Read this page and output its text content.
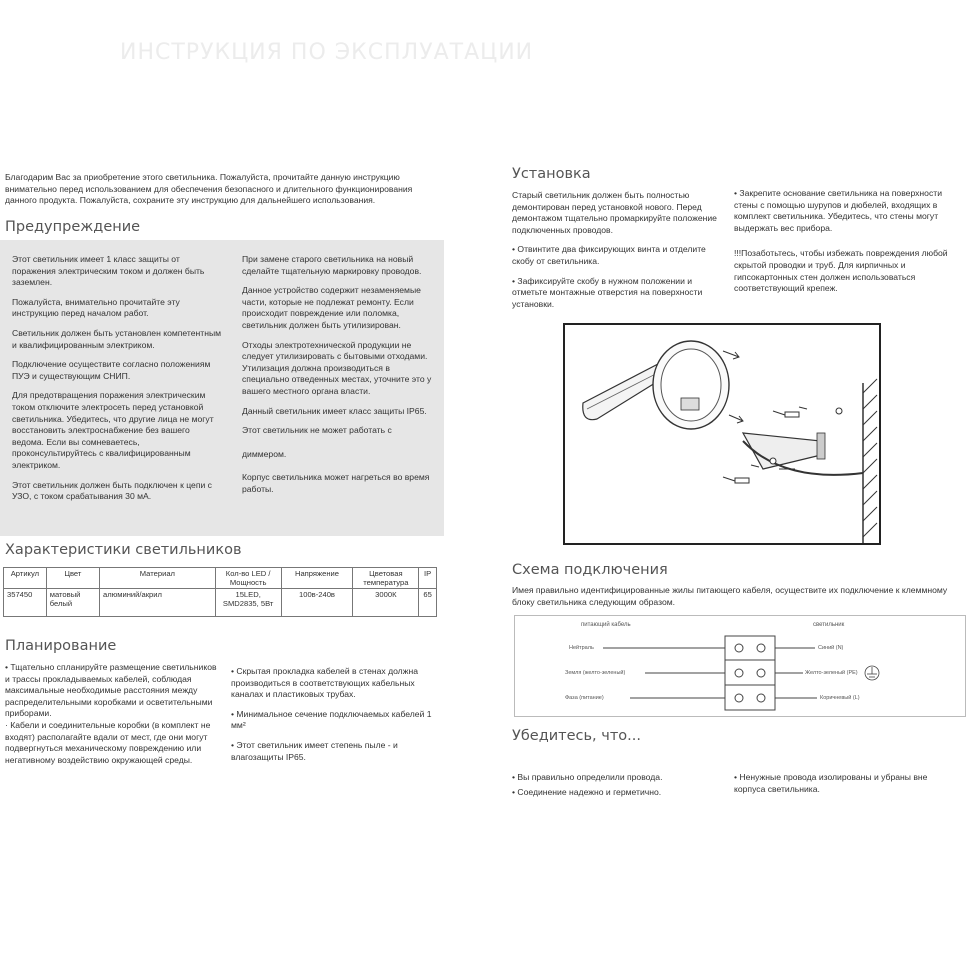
ИНСТРУКЦИЯ ПО ЭКСПЛУАТАЦИИ

Благодарим Вас за приобретение этого светильника. Пожалуйста, прочитайте данную инструкцию внимательно перед использованием для обеспечения безопасного и длительного функционирования данного продукта. Пожалуйста, сохраните эту инструкцию для дальнейшего использования.

Предупреждение

Этот светильник имеет 1 класс защиты от поражения электрическим током и должен быть заземлен.

Пожалуйста, внимательно прочитайте эту инструкцию перед началом работ.

Светильник должен быть установлен компетентным и квалифицированным электриком.

Подключение осуществите согласно положениям ПУЭ и существующим СНИП.

Для предотвращения поражения электрическим током отключите электросеть перед установкой светильника. Убедитесь, что другие лица не могут восстановить электроснабжение без вашего ведома. Если вы сомневаетесь, проконсультируйтесь с квалифицированным электриком.

Этот светильник должен быть подключен к цепи с УЗО, с током срабатывания 30 мА.

При замене старого светильника на новый сделайте тщательную маркировку проводов.

Данное устройство содержит незаменяемые части, которые не подлежат ремонту. Если происходит повреждение или поломка, светильник должен быть утилизирован.

Отходы электротехнической продукции не следует утилизировать с бытовыми отходами. Утилизация должна производиться в специально отведенных местах, уточните это у вашего местного органа власти.

Данный светильник имеет класс защиты IP65.

Этот светильник не может работать с

диммером.

Корпус светильника может нагреться во время работы.

Характеристики светильников
Артикул	Цвет	Материал	Кол-во LED / Мощность	Напряжение	Цветовая температура	IP
357450	матовый белый	алюминий/акрил	15LED, SMD2835, 5Вт	100в-240в	3000К	65
Планирование

• Тщательно спланируйте размещение светильников и трассы прокладываемых кабелей, соблюдая максимальные необходимые расстояния между распределительными коробками и осветительными приборами.

· Кабели и соединительные коробки (в комплект не входят) располагайте вдали от мест, где они могут подвергнуться механическому повреждению или негативному воздействию окружающей среды.

• Скрытая прокладка кабелей в стенах должна производиться в соответствующих кабельных каналах и пластиковых трубах.

• Минимальное сечение подключаемых кабелей 1 мм²

• Этот светильник имеет степень пыле - и влагозащиты IP65.

Установка

Старый светильник должен быть полностью демонтирован перед установкой нового. Перед демонтажом тщательно промаркируйте положение подключенных проводов.

• Отвинтите два фиксирующих винта и отделите скобу от светильника.

• Зафиксируйте скобу в нужном положении и отметьте монтажные отверстия на поверхности установки.

• Закрепите основание светильника на поверхности стены с помощью шурупов и дюбелей, входящих в комплект светильника. Убедитесь, что стены могут выдержать вес прибора.

!!!Позаботьтесь, чтобы избежать повреждения любой скрытой проводки и труб. Для кирпичных и гипсокартонных стен должен использоваться соответствующий крепеж.

Схема подключения

Имея правильно идентифицированные жилы питающего кабеля, осуществите их подключение к клеммному блоку светильника следующим образом.

питающий кабель	светильник
Нейтраль
Земля (желто-зеленый)
Фаза (питание)
Синий (N)
Желто-зеленый (PE)
Коричневый (L)
Убедитесь, что...

• Вы правильно определили провода.

• Соединение надежно и герметично.

• Ненужные провода изолированы и убраны вне корпуса светильника.
